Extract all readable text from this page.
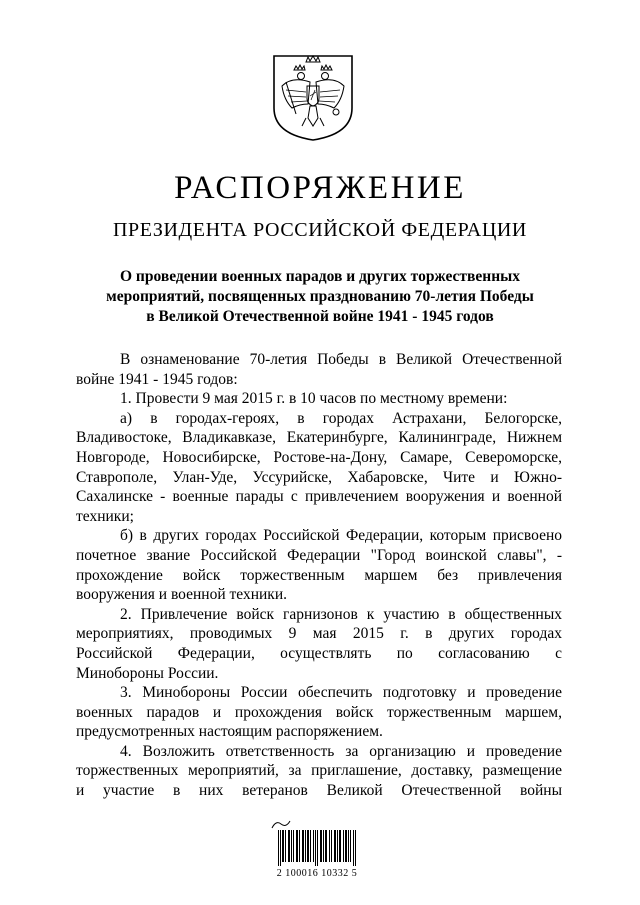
РАСПОРЯЖЕНИЕ
ПРЕЗИДЕНТА РОССИЙСКОЙ ФЕДЕРАЦИИ
О проведении военных парадов и других торжественных
мероприятий, посвященных празднованию 70-летия Победы
в Великой Отечественной войне 1941 - 1945 годов
В ознаменование 70-летия Победы в Великой Отечественной
войне 1941 - 1945 годов:
1. Провести 9 мая 2015 г. в 10 часов по местному времени:
а) в городах-героях, в городах Астрахани, Белогорске,
Владивостоке, Владикавказе, Екатеринбурге, Калининграде, Нижнем
Новгороде, Новосибирске, Ростове-на-Дону, Самаре, Североморске,
Ставрополе, Улан-Уде, Уссурийске, Хабаровске, Чите и Южно-
Сахалинске - военные парады с привлечением вооружения и военной
техники;
б) в других городах Российской Федерации, которым присвоено
почетное звание Российской Федерации "Город воинской славы", -
прохождение войск торжественным маршем без привлечения
вооружения и военной техники.
2. Привлечение войск гарнизонов к участию в общественных
мероприятиях, проводимых 9 мая 2015 г. в других городах
Российской Федерации, осуществлять по согласованию с
Минобороны России.
3. Минобороны России обеспечить подготовку и проведение
военных парадов и прохождения войск торжественным маршем,
предусмотренных настоящим распоряжением.
4. Возложить ответственность за организацию и проведение
торжественных мероприятий, за приглашение, доставку, размещение
и участие в них ветеранов Великой Отечественной войны
2 100016 10332 5
